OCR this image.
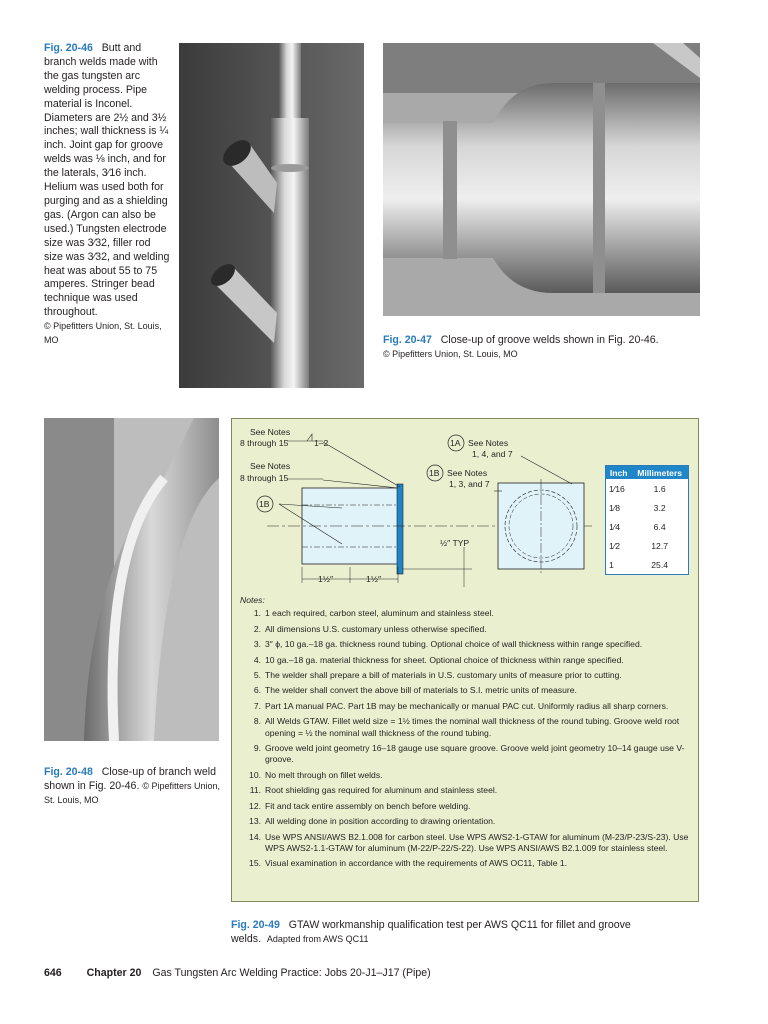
Fig. 20-46 Butt and branch welds made with the gas tungsten arc welding process. Pipe material is Inconel. Diameters are 2½ and 3½ inches; wall thickness is ¼ inch. Joint gap for groove welds was ⅛ inch, and for the laterals, 3⁄16 inch. Helium was used both for purging and as a shielding gas. (Argon can also be used.) Tungsten electrode size was 3⁄32, filler rod size was 3⁄32, and welding heat was about 55 to 75 amperes. Stringer bead technique was used throughout.
© Pipefitters Union, St. Louis, MO	Fig. 20-47 Close-up of groove welds shown in Fig. 20-46.
© Pipefitters Union, St. Louis, MO
Fig. 20-48 Close-up of branch weld shown in Fig. 20-46. © Pipefitters Union, St. Louis, MO
See Notes
8 through 15	1–2
See Notes
8 through 15
1A See Notes
1, 4, and 7
1B See Notes
1, 3, and 7
1B
½″ TYP
1½″	1½″
Inch	Millimeters
1⁄16	1.6
1⁄8	3.2
1⁄4	6.4
1⁄2	12.7
1	25.4
Notes:
1. 1 each required, carbon steel, aluminum and stainless steel.
2. All dimensions U.S. customary unless otherwise specified.
3. 3″ ϕ, 10 ga.–18 ga. thickness round tubing. Optional choice of wall thickness within range specified.
4. 10 ga.–18 ga. material thickness for sheet. Optional choice of thickness within range specified.
5. The welder shall prepare a bill of materials in U.S. customary units of measure prior to cutting.
6. The welder shall convert the above bill of materials to S.I. metric units of measure.
7. Part 1A manual PAC. Part 1B may be mechanically or manual PAC cut. Uniformly radius all sharp corners.
8. All Welds GTAW. Fillet weld size = 1½ times the nominal wall thickness of the round tubing. Groove weld root opening = ½ the nominal wall thickness of the round tubing.
9. Groove weld joint geometry 16–18 gauge use square groove. Groove weld joint geometry 10–14 gauge use V-groove.
10. No melt through on fillet welds.
11. Root shielding gas required for aluminum and stainless steel.
12. Fit and tack entire assembly on bench before welding.
13. All welding done in position according to drawing orientation.
14. Use WPS ANSI/AWS B2.1.008 for carbon steel. Use WPS AWS2-1-GTAW for aluminum (M-23/P-23/S-23). Use WPS AWS2-1.1-GTAW for aluminum (M-22/P-22/S-22). Use WPS ANSI/AWS B2.1.009 for stainless steel.
15. Visual examination in accordance with the requirements of AWS OC11, Table 1.
Fig. 20-49 GTAW workmanship qualification test per AWS QC11 for fillet and groove welds. Adapted from AWS QC11
646 Chapter 20 Gas Tungsten Arc Welding Practice: Jobs 20-J1–J17 (Pipe)
